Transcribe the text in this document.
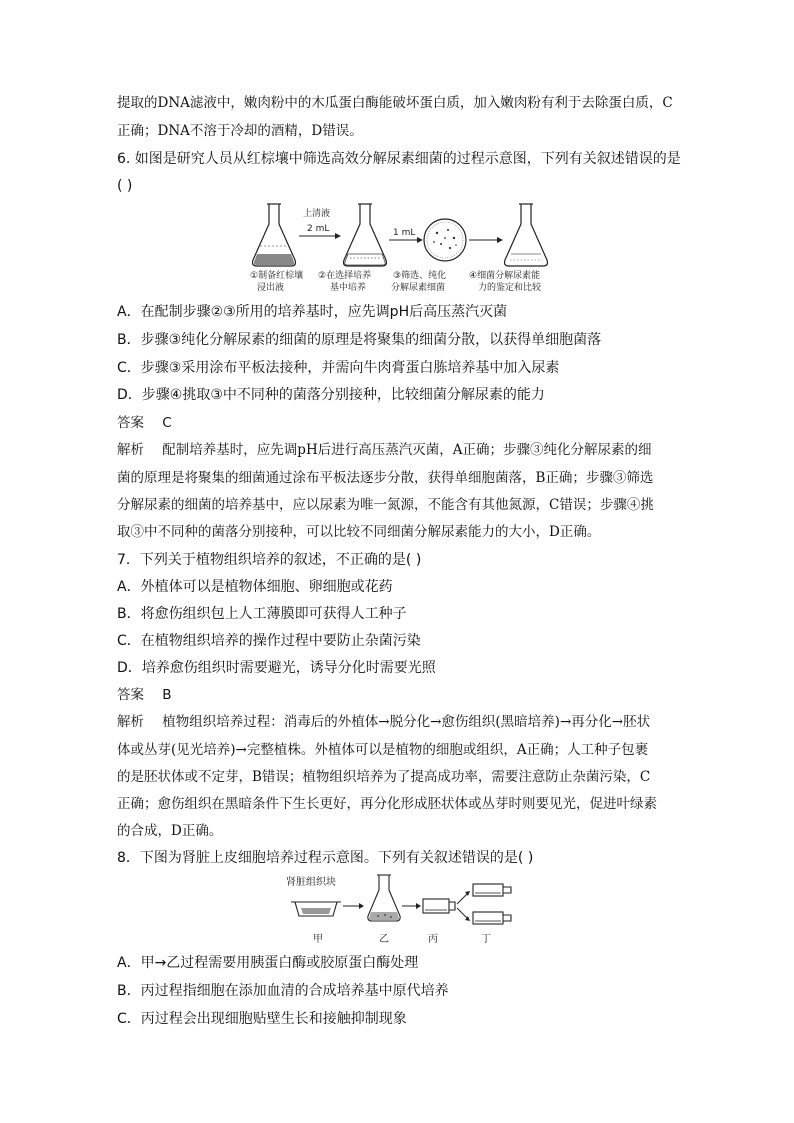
提取的DNA滤液中，嫩肉粉中的木瓜蛋白酶能破坏蛋白质，加入嫩肉粉有利于去除蛋白质，C
正确；DNA不溶于冷却的酒精，D错误。
6. 如图是研究人员从红棕壤中筛选高效分解尿素细菌的过程示意图，下列有关叙述错误的是
( )
上清液
2 mL	1 mL
①制备红棕壤
浸出液
②在选择培养
基中培养
③筛选、纯化
分解尿素细菌
④细菌分解尿素能
力的鉴定和比较
A．在配制步骤②③所用的培养基时，应先调pH后高压蒸汽灭菌
B．步骤③纯化分解尿素的细菌的原理是将聚集的细菌分散，以获得单细胞菌落
C．步骤③采用涂布平板法接种，并需向牛肉膏蛋白胨培养基中加入尿素
D．步骤④挑取③中不同种的菌落分别接种，比较细菌分解尿素的能力
答案 C
解析 配制培养基时，应先调pH后进行高压蒸汽灭菌，A正确；步骤③纯化分解尿素的细
菌的原理是将聚集的细菌通过涂布平板法逐步分散，获得单细胞菌落，B正确；步骤③筛选
分解尿素的细菌的培养基中，应以尿素为唯一氮源，不能含有其他氮源，C错误；步骤④挑
取③中不同种的菌落分别接种，可以比较不同细菌分解尿素能力的大小，D正确。
7．下列关于植物组织培养的叙述，不正确的是( )
A．外植体可以是植物体细胞、卵细胞或花药
B．将愈伤组织包上人工薄膜即可获得人工种子
C．在植物组织培养的操作过程中要防止杂菌污染
D．培养愈伤组织时需要避光，诱导分化时需要光照
答案 B
解析 植物组织培养过程：消毒后的外植体→脱分化→愈伤组织(黑暗培养)→再分化→胚状
体或丛芽(见光培养)→完整植株。外植体可以是植物的细胞或组织，A正确；人工种子包裹
的是胚状体或不定芽，B错误；植物组织培养为了提高成功率，需要注意防止杂菌污染，C
正确；愈伤组织在黑暗条件下生长更好，再分化形成胚状体或丛芽时则要见光，促进叶绿素
的合成，D正确。
8．下图为肾脏上皮细胞培养过程示意图。下列有关叙述错误的是( )
肾脏组织块
甲	乙	丙	丁
A．甲→乙过程需要用胰蛋白酶或胶原蛋白酶处理
B．丙过程指细胞在添加血清的合成培养基中原代培养
C．丙过程会出现细胞贴壁生长和接触抑制现象
